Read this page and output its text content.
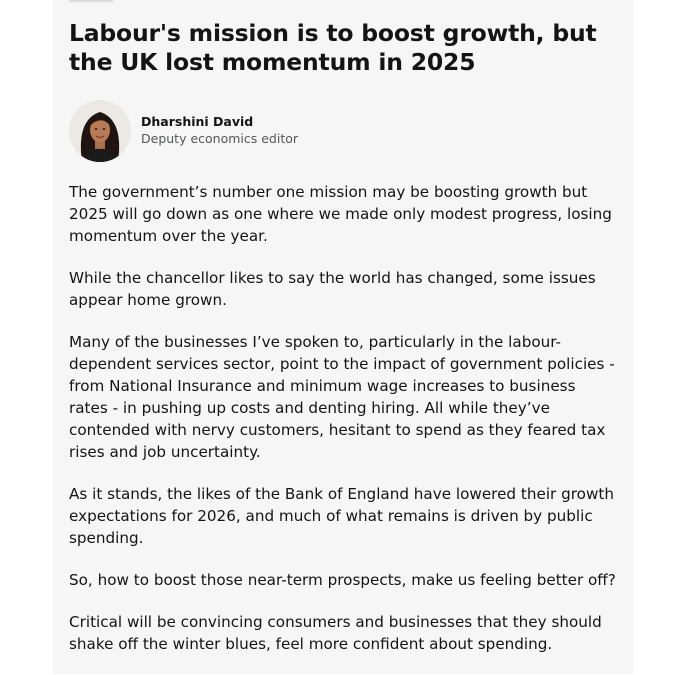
Labour's mission is to boost growth, but the UK lost momentum in 2025
Dharshini David
Deputy economics editor

The government’s number one mission may be boosting growth but 2025 will go down as one where we made only modest progress, losing momentum over the year.

While the chancellor likes to say the world has changed, some issues appear home grown.

Many of the businesses I’ve spoken to, particularly in the labour-dependent services sector, point to the impact of government policies - from National Insurance and minimum wage increases to business rates - in pushing up costs and denting hiring. All while they’ve contended with nervy customers, hesitant to spend as they feared tax rises and job uncertainty.

As it stands, the likes of the Bank of England have lowered their growth expectations for 2026, and much of what remains is driven by public spending.

So, how to boost those near-term prospects, make us feeling better off?

Critical will be convincing consumers and businesses that they should shake off the winter blues, feel more confident about spending.
